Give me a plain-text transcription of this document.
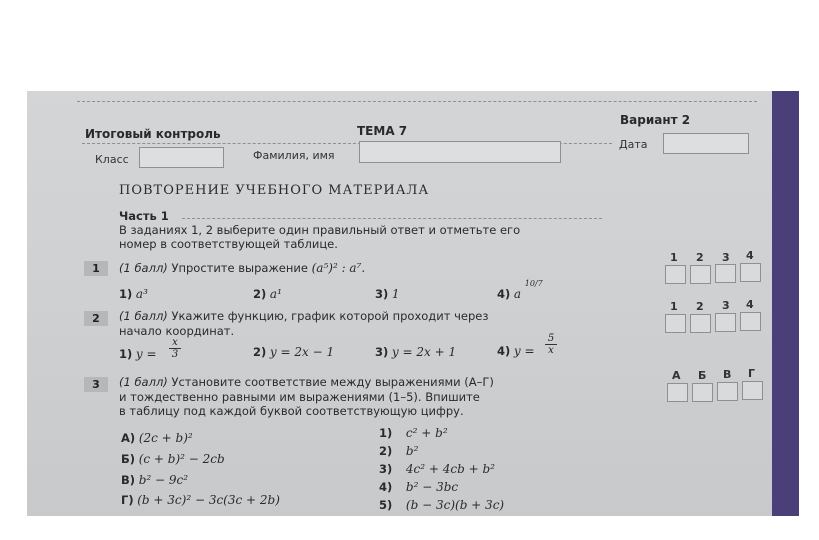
Итоговый контроль	ТЕМА 7
Вариант 2
Класс	Фамилия, имя
Дата
ПОВТОРЕНИЕ УЧЕБНОГО МАТЕРИАЛА
Часть 1
В заданиях 1, 2 выберите один правильный ответ и отметьте его
номер в соответствующей таблице.
1	(1 балл) Упростите выражение (a⁵)² : a⁷.
1) a³	2) a¹	3) 1	4) a $^{10/7}$
1 2 3 4
2	(1 балл) Укажите функцию, график которой проходит через
начало координат.
1) $y = \frac{x}{3}$	2) y = 2x − 1	3) y = 2x + 1	4) $y = \frac{5}{x}$
1 2 3 4
3	(1 балл) Установите соответствие между выражениями (А–Г)
и тождественно равными им выражениями (1–5). Впишите
в таблицу под каждой буквой соответствующую цифру.
А Б В Г
А) (2c + b)²
Б) (c + b)² − 2cb
В) b² − 9c²
Г) (b + 3c)² − 3c(3c + 2b)
1) c² + b²
2) b²
3) 4c² + 4cb + b²
4) b² − 3bc
5) (b − 3c)(b + 3c)
